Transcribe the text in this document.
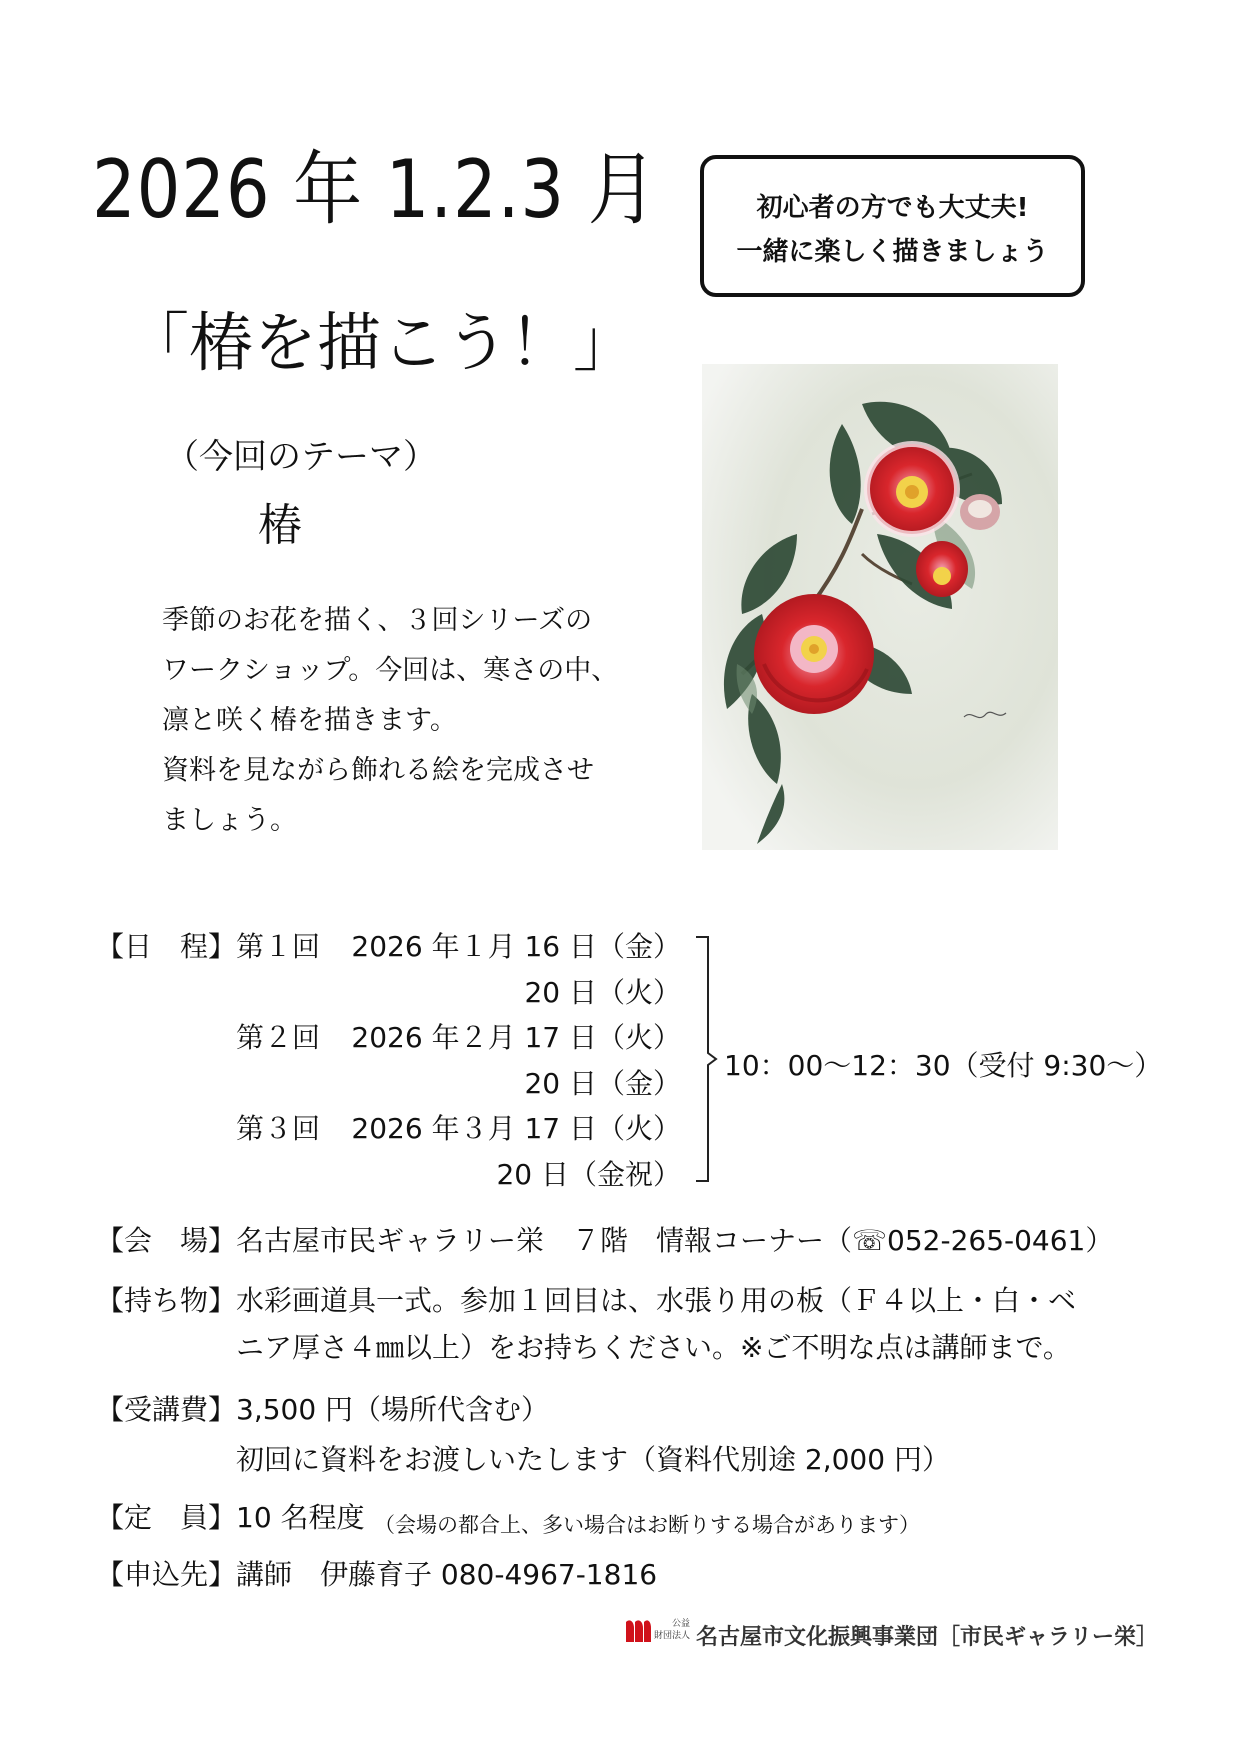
2026 年 1.2.3 月
「椿を描こう！」
（今回のテーマ）
椿
季節のお花を描く、３回シリーズの
ワークショップ。今回は、寒さの中、
凛と咲く椿を描きます。
資料を見ながら飾れる絵を完成させ
ましょう。
初心者の方でも大丈夫!
一緒に楽しく描きましょう
【日　程】 第１回 2026 年１月 16 日（金）
20 日（火）
第２回 2026 年２月 17 日（火）
20 日（金）
第３回 2026 年３月 17 日（火）
20 日（金祝）
10：00～12：30（受付 9:30～）
【会　場】 名古屋市民ギャラリー栄　７階　情報コーナー（☏052-265-0461）
【持ち物】 水彩画道具一式。参加１回目は、水張り用の板（Ｆ４以上・白・ベ
ニア厚さ４㎜以上）をお持ちください。※ご不明な点は講師まで。
【受講費】 3,500 円（場所代含む）
初回に資料をお渡しいたします（資料代別途 2,000 円）
【定　員】 10 名程度 （会場の都合上、多い場合はお断りする場合があります）
【申込先】 講師　伊藤育子 080-4967-1816
公益
財団法人 名古屋市文化振興事業団［市民ギャラリー栄］
